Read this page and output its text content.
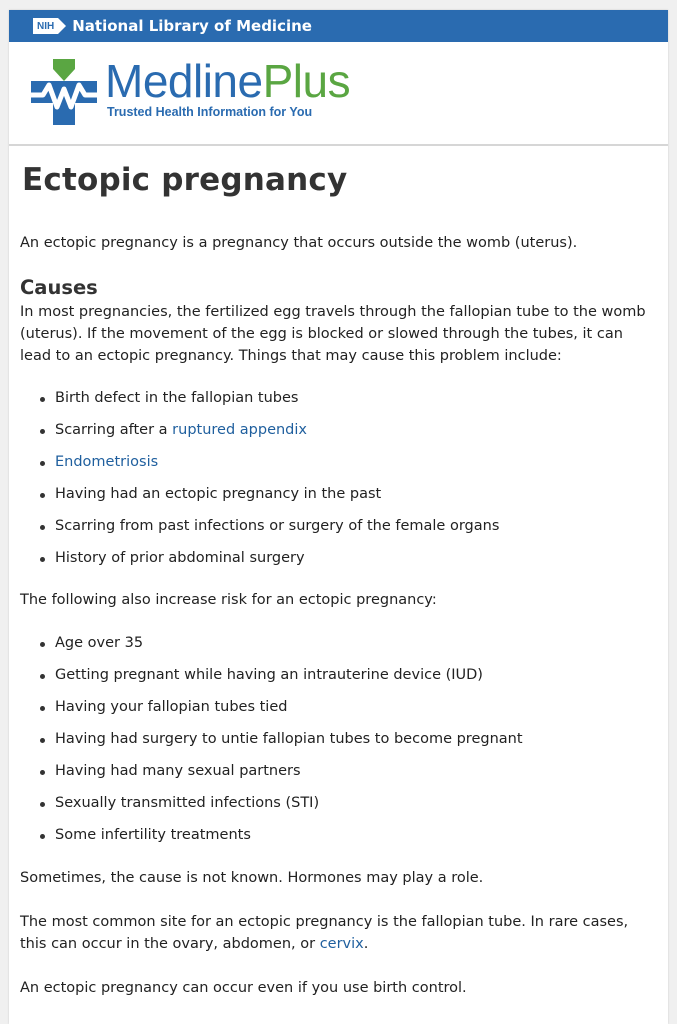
NIH National Library of Medicine
MedlinePlus
Trusted Health Information for You
Ectopic pregnancy

An ectopic pregnancy is a pregnancy that occurs outside the womb (uterus).

Causes

In most pregnancies, the fertilized egg travels through the fallopian tube to the womb (uterus). If the movement of the egg is blocked or slowed through the tubes, it can lead to an ectopic pregnancy. Things that may cause this problem include:

Birth defect in the fallopian tubes
Scarring after a ruptured appendix
Endometriosis
Having had an ectopic pregnancy in the past
Scarring from past infections or surgery of the female organs
History of prior abdominal surgery

The following also increase risk for an ectopic pregnancy:

Age over 35
Getting pregnant while having an intrauterine device (IUD)
Having your fallopian tubes tied
Having had surgery to untie fallopian tubes to become pregnant
Having had many sexual partners
Sexually transmitted infections (STI)
Some infertility treatments

Sometimes, the cause is not known. Hormones may play a role.

The most common site for an ectopic pregnancy is the fallopian tube. In rare cases, this can occur in the ovary, abdomen, or cervix.

An ectopic pregnancy can occur even if you use birth control.
